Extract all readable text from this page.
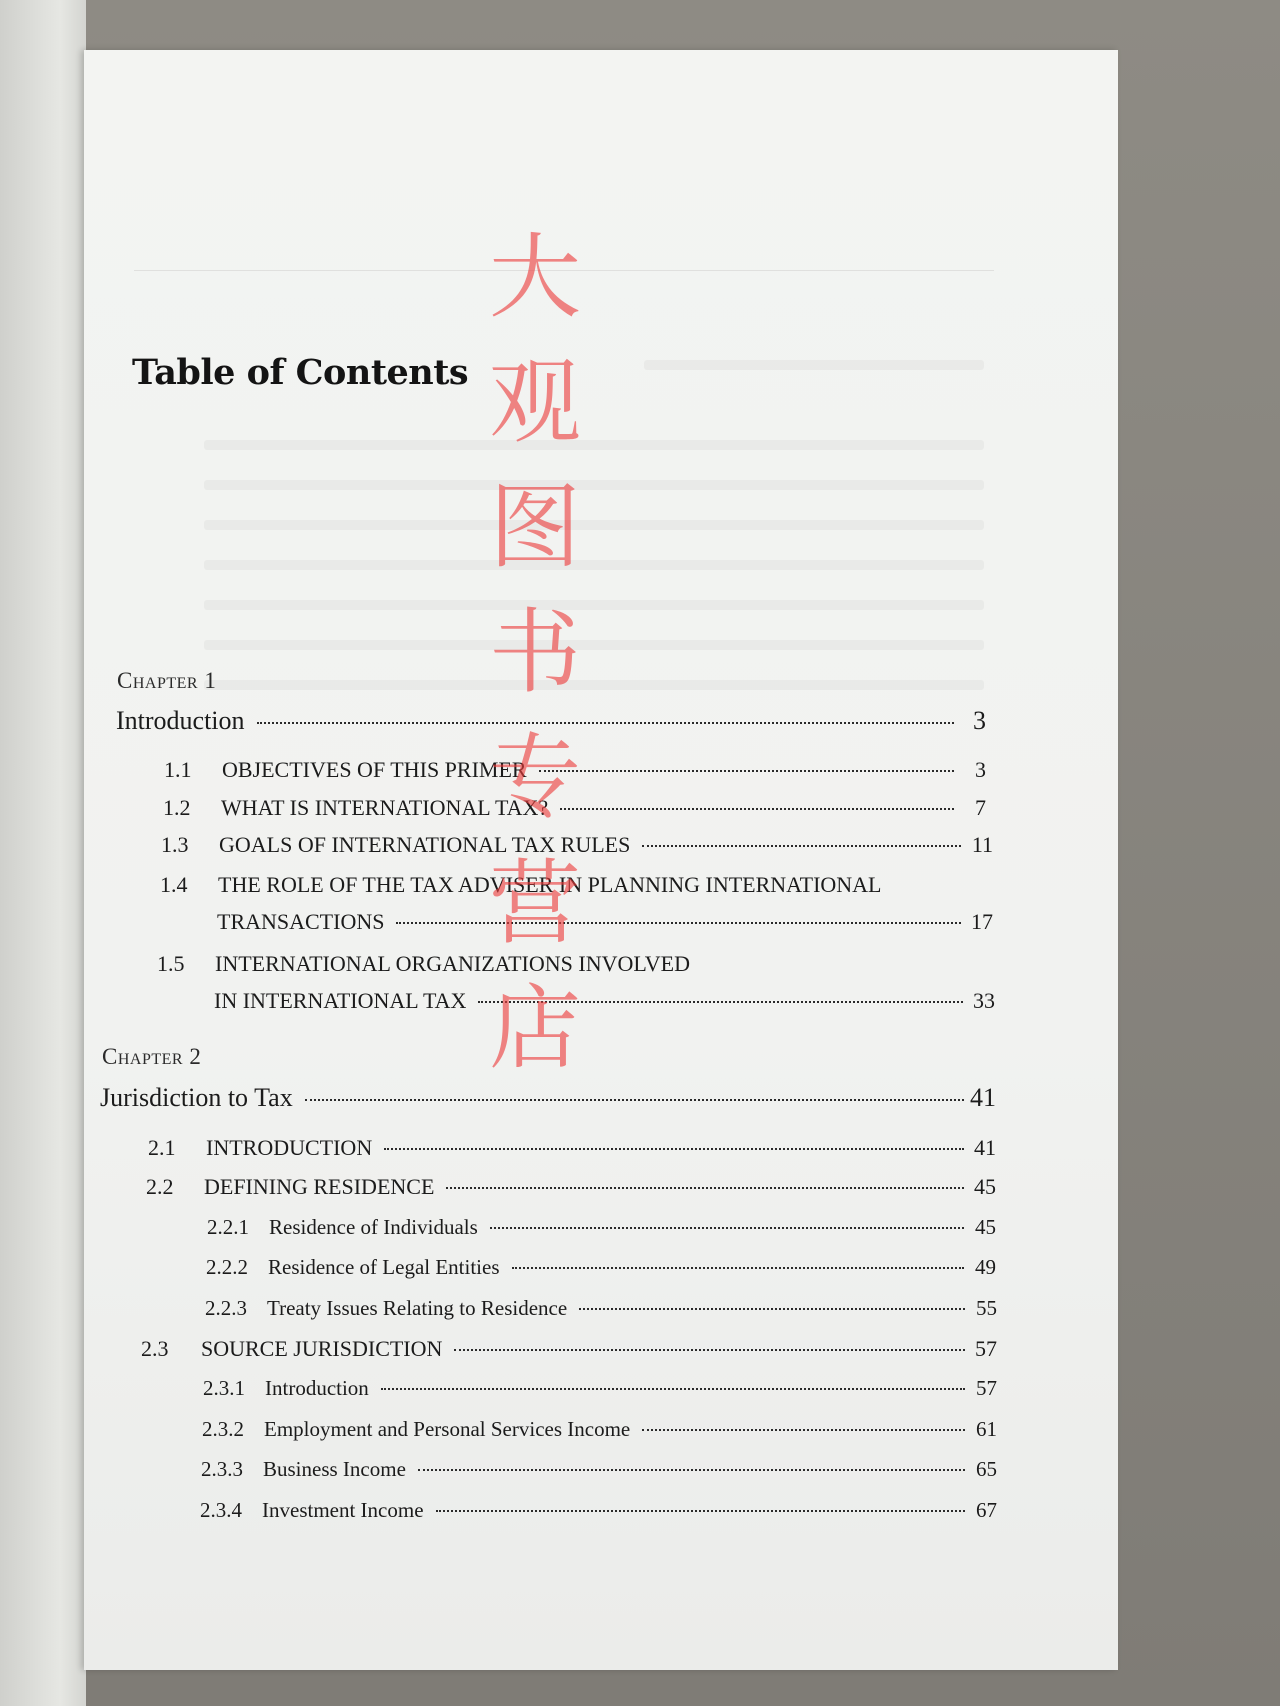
Table of Contents
Chapter 1
Introduction	3
1.1	OBJECTIVES OF THIS PRIMER	3
1.2	WHAT IS INTERNATIONAL TAX?	7
1.3	GOALS OF INTERNATIONAL TAX RULES	11
1.4 THE ROLE OF THE TAX ADVISER IN PLANNING INTERNATIONAL
TRANSACTIONS	17
1.5 INTERNATIONAL ORGANIZATIONS INVOLVED
IN INTERNATIONAL TAX	33
Chapter 2
Jurisdiction to Tax	41
2.1	INTRODUCTION	41
2.2	DEFINING RESIDENCE	45
2.2.1 Residence of Individuals	45
2.2.2 Residence of Legal Entities	49
2.2.3 Treaty Issues Relating to Residence	55
2.3	SOURCE JURISDICTION	57
2.3.1 Introduction	57
2.3.2 Employment and Personal Services Income	61
2.3.3 Business Income	65
2.3.4 Investment Income	67
大
观
图
书
专
营
店
